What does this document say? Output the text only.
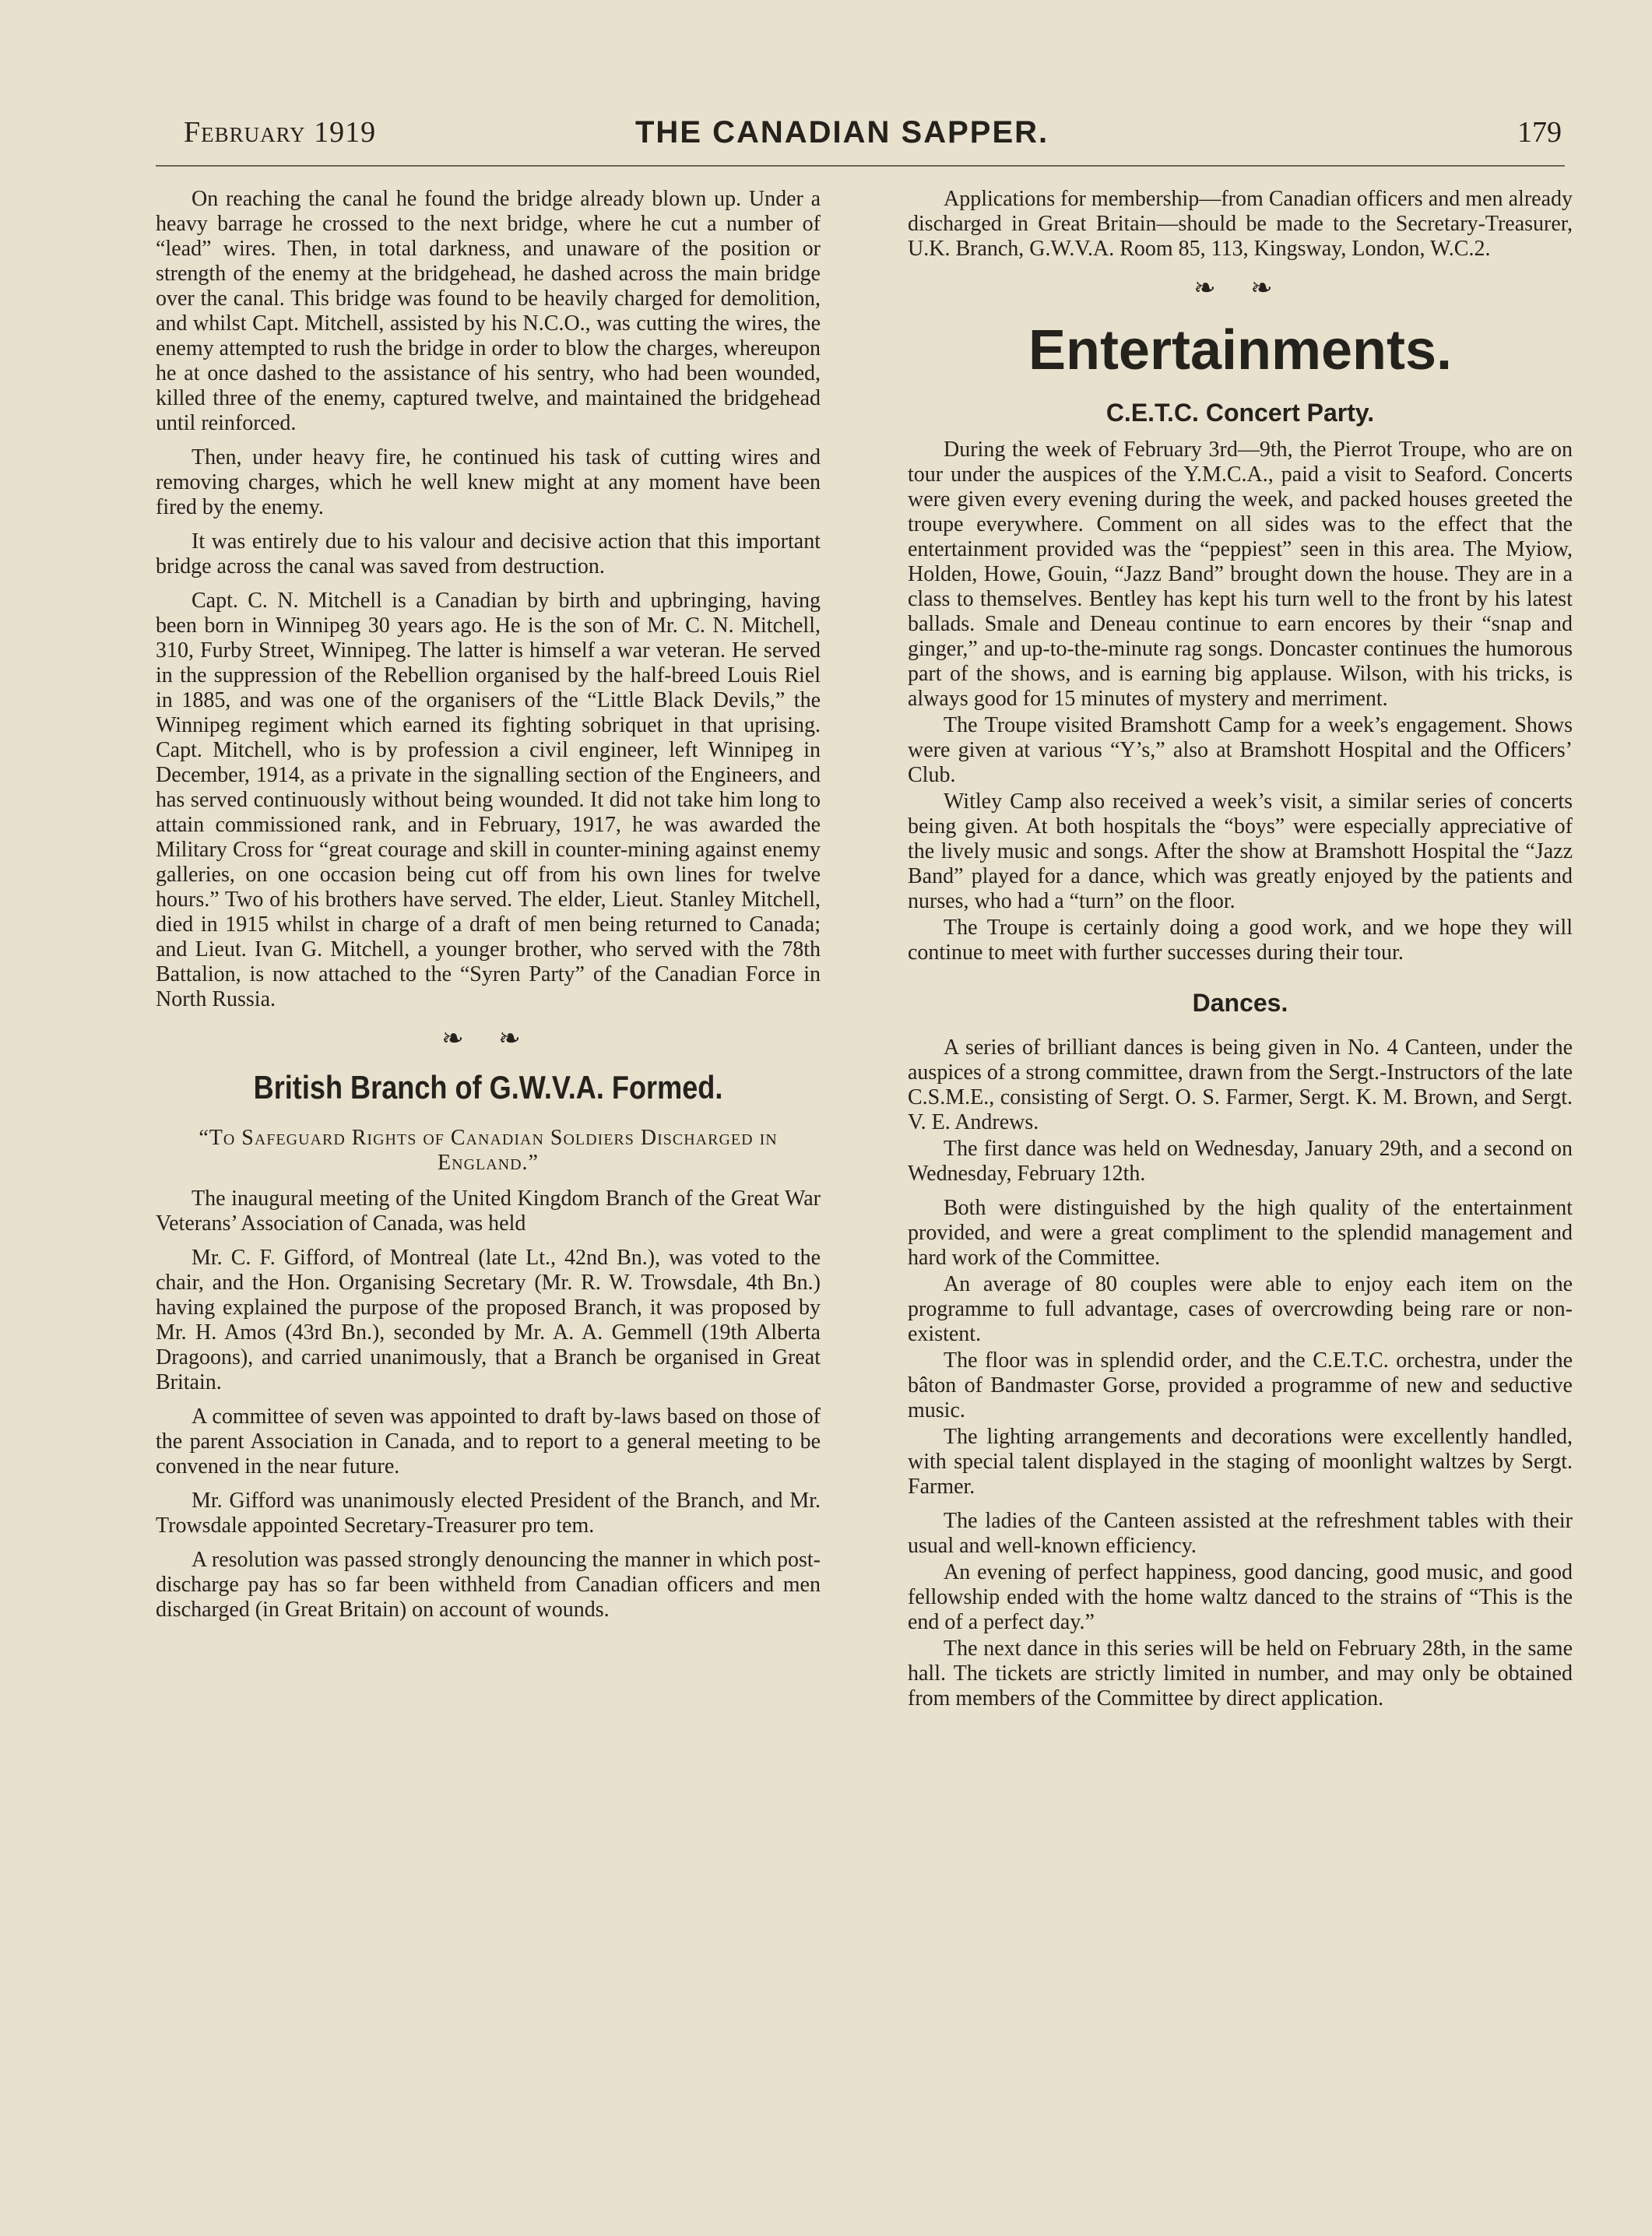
February 1919	THE CANADIAN SAPPER.	179

On reaching the canal he found the bridge already blown up. Under a heavy barrage he crossed to the next bridge, where he cut a number of “lead” wires. Then, in total darkness, and unaware of the position or strength of the enemy at the bridgehead, he dashed across the main bridge over the canal. This bridge was found to be heavily charged for demolition, and whilst Capt. Mitchell, assisted by his N.C.O., was cutting the wires, the enemy attempted to rush the bridge in order to blow the charges, whereupon he at once dashed to the assistance of his sentry, who had been wounded, killed three of the enemy, captured twelve, and maintained the bridgehead until reinforced.

Then, under heavy fire, he continued his task of cutting wires and removing charges, which he well knew might at any moment have been fired by the enemy.

It was entirely due to his valour and decisive action that this important bridge across the canal was saved from destruction.

Capt. C. N. Mitchell is a Canadian by birth and upbringing, having been born in Winnipeg 30 years ago. He is the son of Mr. C. N. Mitchell, 310, Furby Street, Winnipeg. The latter is himself a war veteran. He served in the suppression of the Rebellion organised by the half-breed Louis Riel in 1885, and was one of the organisers of the “Little Black Devils,” the Winnipeg regiment which earned its fighting sobriquet in that uprising. Capt. Mitchell, who is by profession a civil engineer, left Winnipeg in December, 1914, as a private in the signalling section of the Engineers, and has served continuously without being wounded. It did not take him long to attain commissioned rank, and in February, 1917, he was awarded the Military Cross for “great courage and skill in counter-mining against enemy galleries, on one occasion being cut off from his own lines for twelve hours.” Two of his brothers have served. The elder, Lieut. Stanley Mitchell, died in 1915 whilst in charge of a draft of men being returned to Canada; and Lieut. Ivan G. Mitchell, a younger brother, who served with the 78th Battalion, is now attached to the “Syren Party” of the Canadian Force in North Russia.

❧ ❧
British Branch of G.W.V.A. Formed.
“To Safeguard Rights of Canadian Soldiers Discharged in England.”

The inaugural meeting of the United Kingdom Branch of the Great War Veterans’ Association of Canada, was held

Mr. C. F. Gifford, of Montreal (late Lt., 42nd Bn.), was voted to the chair, and the Hon. Organising Secretary (Mr. R. W. Trowsdale, 4th Bn.) having explained the purpose of the proposed Branch, it was proposed by Mr. H. Amos (43rd Bn.), seconded by Mr. A. A. Gemmell (19th Alberta Dragoons), and carried unanimously, that a Branch be organised in Great Britain.

A committee of seven was appointed to draft by-laws based on those of the parent Association in Canada, and to report to a general meeting to be convened in the near future.

Mr. Gifford was unanimously elected President of the Branch, and Mr. Trowsdale appointed Secretary-Treasurer pro tem.

A resolution was passed strongly denouncing the manner in which post-discharge pay has so far been withheld from Canadian officers and men discharged (in Great Britain) on account of wounds.

Applications for membership—from Canadian officers and men already discharged in Great Britain—should be made to the Secretary-Treasurer, U.K. Branch, G.W.V.A. Room 85, 113, Kingsway, London, W.C.2.

❧ ❧
Entertainments.
C.E.T.C. Concert Party.

During the week of February 3rd—9th, the Pierrot Troupe, who are on tour under the auspices of the Y.M.C.A., paid a visit to Seaford. Concerts were given every evening during the week, and packed houses greeted the troupe everywhere. Comment on all sides was to the effect that the entertainment provided was the “peppiest” seen in this area. The Myiow, Holden, Howe, Gouin, “Jazz Band” brought down the house. They are in a class to themselves. Bentley has kept his turn well to the front by his latest ballads. Smale and Deneau continue to earn encores by their “snap and ginger,” and up-to-the-minute rag songs. Doncaster continues the humorous part of the shows, and is earning big applause. Wilson, with his tricks, is always good for 15 minutes of mystery and merriment.

The Troupe visited Bramshott Camp for a week’s engagement. Shows were given at various “Y’s,” also at Bramshott Hospital and the Officers’ Club.

Witley Camp also received a week’s visit, a similar series of concerts being given. At both hospitals the “boys” were especially appreciative of the lively music and songs. After the show at Bramshott Hospital the “Jazz Band” played for a dance, which was greatly enjoyed by the patients and nurses, who had a “turn” on the floor.

The Troupe is certainly doing a good work, and we hope they will continue to meet with further successes during their tour.

Dances.

A series of brilliant dances is being given in No. 4 Canteen, under the auspices of a strong committee, drawn from the Sergt.-Instructors of the late C.S.M.E., consisting of Sergt. O. S. Farmer, Sergt. K. M. Brown, and Sergt. V. E. Andrews.

The first dance was held on Wednesday, January 29th, and a second on Wednesday, February 12th.

Both were distinguished by the high quality of the entertainment provided, and were a great compliment to the splendid management and hard work of the Committee.

An average of 80 couples were able to enjoy each item on the programme to full advantage, cases of overcrowding being rare or non-existent.

The floor was in splendid order, and the C.E.T.C. orchestra, under the bâton of Bandmaster Gorse, provided a programme of new and seductive music.

The lighting arrangements and decorations were excellently handled, with special talent displayed in the staging of moonlight waltzes by Sergt. Farmer.

The ladies of the Canteen assisted at the refreshment tables with their usual and well-known efficiency.

An evening of perfect happiness, good dancing, good music, and good fellowship ended with the home waltz danced to the strains of “This is the end of a perfect day.”

The next dance in this series will be held on February 28th, in the same hall. The tickets are strictly limited in number, and may only be obtained from members of the Committee by direct application.
